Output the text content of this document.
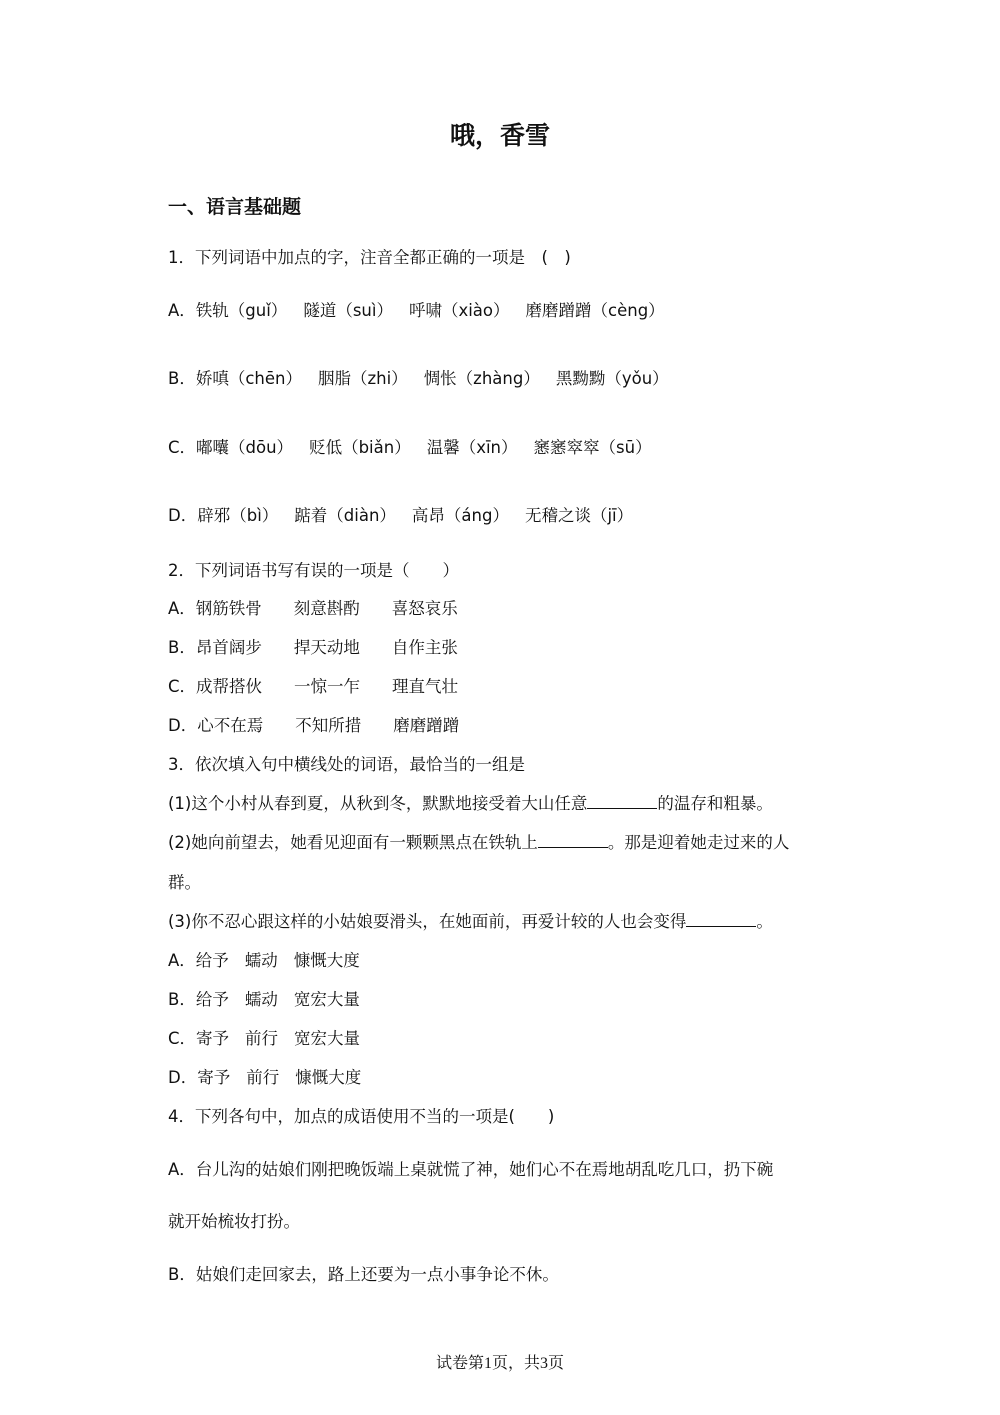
哦，香雪
一、语言基础题
1．下列词语中加点的字，注音全都正确的一项是　(　)
A．铁轨（guǐ） 隧道（suì） 呼啸（xiào） 磨磨蹭蹭（cèng）
B．娇嗔（chēn） 胭脂（zhi） 惆怅（zhàng） 黑黝黝（yǒu）
C．嘟囔（dōu） 贬低（biǎn） 温馨（xīn） 窸窸窣窣（sū）
D．辟邪（bì） 踮着（diàn） 高昂（áng） 无稽之谈（jī）
2．下列词语书写有误的一项是（　　）
A．钢筋铁骨 刻意斟酌 喜怒哀乐
B．昂首阔步 捍天动地 自作主张
C．成帮搭伙 一惊一乍 理直气壮
D．心不在焉 不知所措 磨磨蹭蹭
3．依次填入句中横线处的词语，最恰当的一组是
(1)这个小村从春到夏，从秋到冬，默默地接受着大山任意	的温存和粗暴。
(2)她向前望去，她看见迎面有一颗颗黑点在铁轨上	。那是迎着她走过来的人
群。
(3)你不忍心跟这样的小姑娘耍滑头，在她面前，再爱计较的人也会变得	。
A．给予 蠕动 慷慨大度
B．给予 蠕动 宽宏大量
C．寄予 前行 宽宏大量
D．寄予 前行 慷慨大度
4．下列各句中，加点的成语使用不当的一项是(　　)
A．台儿沟的姑娘们刚把晚饭端上桌就慌了神，她们心不在焉地胡乱吃几口，扔下碗
就开始梳妆打扮。
B．姑娘们走回家去，路上还要为一点小事争论不休。
试卷第1页，共3页
